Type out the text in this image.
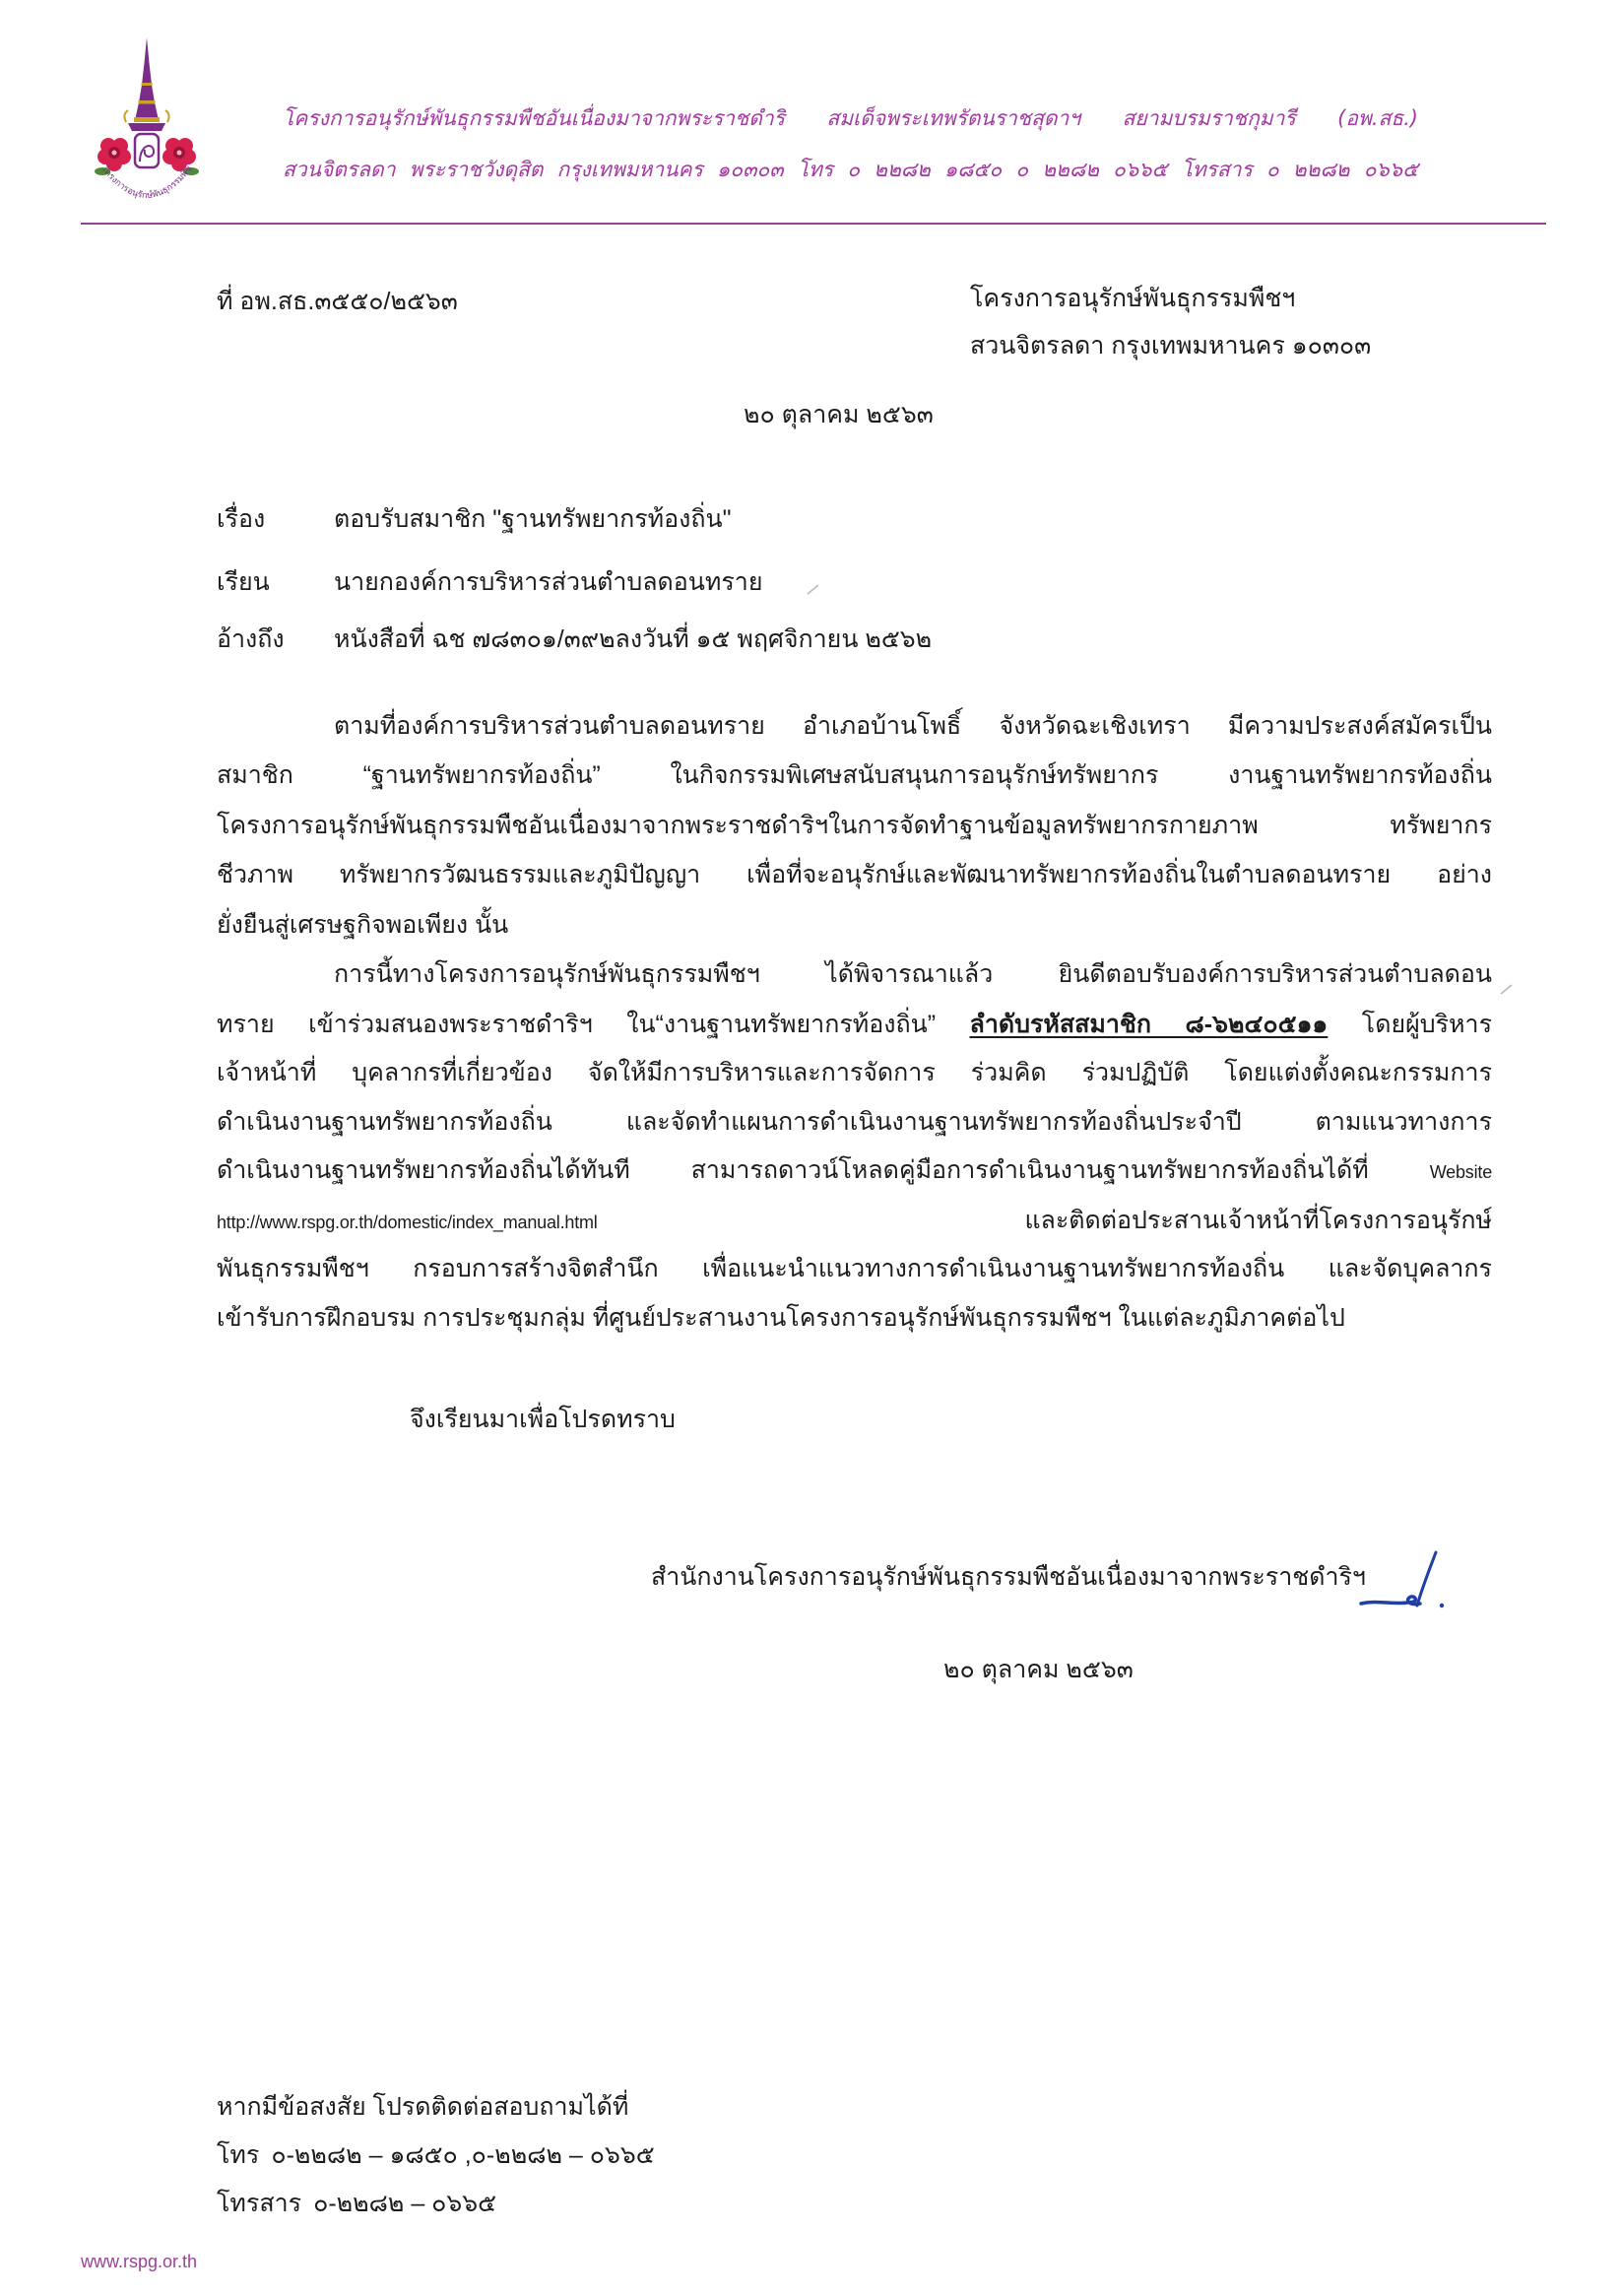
โครงการอนุรักษ์พันธุกรรมพืช
โครงการอนุรักษ์พันธุกรรมพืชอันเนื่องมาจากพระราชดำริ สมเด็จพระเทพรัตนราชสุดาฯ สยามบรมราชกุมารี (อพ.สธ.)
สวนจิตรลดา พระราชวังดุสิต กรุงเทพมหานคร ๑๐๓๐๓ โทร ๐ ๒๒๘๒ ๑๘๕๐ ๐ ๒๒๘๒ ๐๖๖๕ โทรสาร ๐ ๒๒๘๒ ๐๖๖๕
ที่ อพ.สธ.๓๕๕๐/๒๕๖๓	โครงการอนุรักษ์พันธุกรรมพืชฯ
สวนจิตรลดา กรุงเทพมหานคร ๑๐๓๐๓
๒๐ ตุลาคม ๒๕๖๓
เรื่อง	ตอบรับสมาชิก "ฐานทรัพยากรท้องถิ่น"
เรียน	นายกองค์การบริหารส่วนตำบลดอนทราย
อ้างถึง หนังสือที่ ฉช ๗๘๓๐๑/๓๙๒ลงวันที่ ๑๕ พฤศจิกายน ๒๕๖๒
ตามที่องค์การบริหารส่วนตำบลดอนทราย อำเภอบ้านโพธิ์ จังหวัดฉะเชิงเทรา มีความประสงค์สมัครเป็น
สมาชิก “ฐานทรัพยากรท้องถิ่น” ในกิจกรรมพิเศษสนับสนุนการอนุรักษ์ทรัพยากร งานฐานทรัพยากรท้องถิ่น
โครงการอนุรักษ์พันธุกรรมพืชอันเนื่องมาจากพระราชดำริฯในการจัดทำฐานข้อมูลทรัพยากรกายภาพ ทรัพยากร
ชีวภาพ ทรัพยากรวัฒนธรรมและภูมิปัญญา เพื่อที่จะอนุรักษ์และพัฒนาทรัพยากรท้องถิ่นในตำบลดอนทราย อย่าง
ยั่งยืนสู่เศรษฐกิจพอเพียง นั้น
การนี้ทางโครงการอนุรักษ์พันธุกรรมพืชฯ ได้พิจารณาแล้ว ยินดีตอบรับองค์การบริหารส่วนตำบลดอน
ทราย เข้าร่วมสนองพระราชดำริฯ ใน“งานฐานทรัพยากรท้องถิ่น” ลำดับรหัสสมาชิก ๘-๖๒๔๐๕๑๑ โดยผู้บริหาร
เจ้าหน้าที่ บุคลากรที่เกี่ยวข้อง จัดให้มีการบริหารและการจัดการ ร่วมคิด ร่วมปฏิบัติ โดยแต่งตั้งคณะกรรมการ
ดำเนินงานฐานทรัพยากรท้องถิ่น และจัดทำแผนการดำเนินงานฐานทรัพยากรท้องถิ่นประจำปี ตามแนวทางการ
ดำเนินงานฐานทรัพยากรท้องถิ่นได้ทันที สามารถดาวน์โหลดคู่มือการดำเนินงานฐานทรัพยากรท้องถิ่นได้ที่ Website
http://www.rspg.or.th/domestic/index_manual.html และติดต่อประสานเจ้าหน้าที่โครงการอนุรักษ์
พันธุกรรมพืชฯ กรอบการสร้างจิตสำนึก เพื่อแนะนำแนวทางการดำเนินงานฐานทรัพยากรท้องถิ่น และจัดบุคลากร
เข้ารับการฝึกอบรม การประชุมกลุ่ม ที่ศูนย์ประสานงานโครงการอนุรักษ์พันธุกรรมพืชฯ ในแต่ละภูมิภาคต่อไป
จึงเรียนมาเพื่อโปรดทราบ
สำนักงานโครงการอนุรักษ์พันธุกรรมพืชอันเนื่องมาจากพระราชดำริฯ
๒๐ ตุลาคม ๒๕๖๓
หากมีข้อสงสัย โปรดติดต่อสอบถามได้ที่
โทร ๐-๒๒๘๒ – ๑๘๕๐ ,๐-๒๒๘๒ – ๐๖๖๕
โทรสาร ๐-๒๒๘๒ – ๐๖๖๕
www.rspg.or.th
